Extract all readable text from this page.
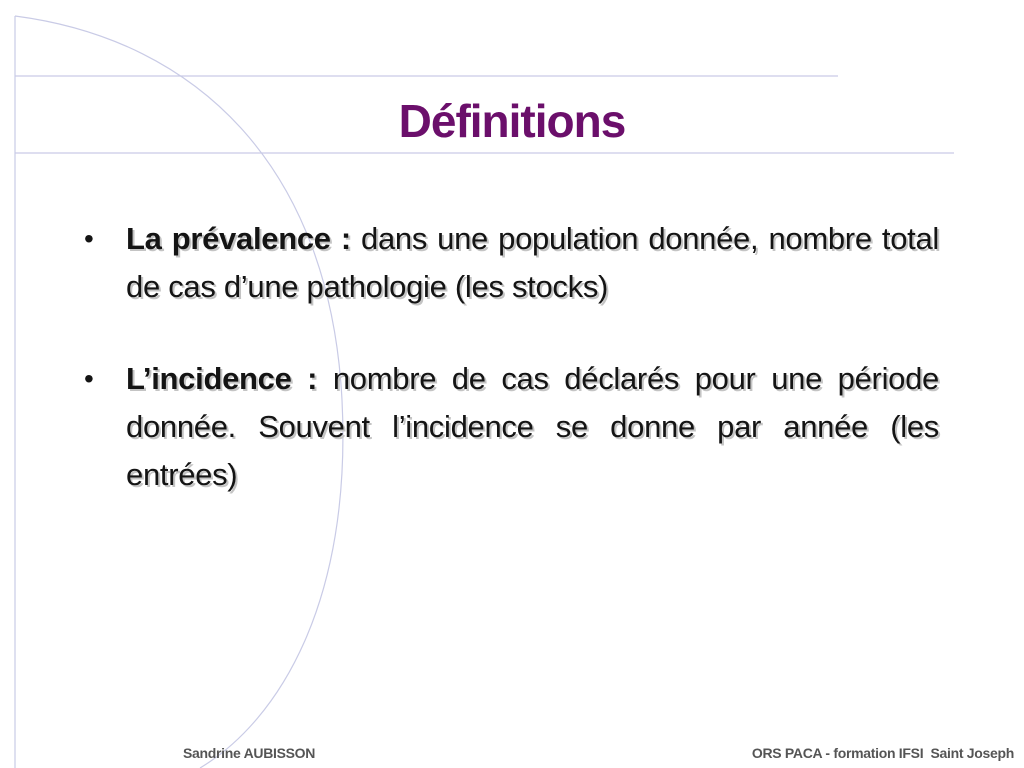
Définitions

• La prévalence : dans une population donnée, nombre total de cas d’une pathologie (les stocks)

• L’incidence : nombre de cas déclarés pour une période donnée. Souvent l’incidence se donne par année (les entrées)

Sandrine AUBISSON	ORS PACA - formation IFSI  Saint Joseph
